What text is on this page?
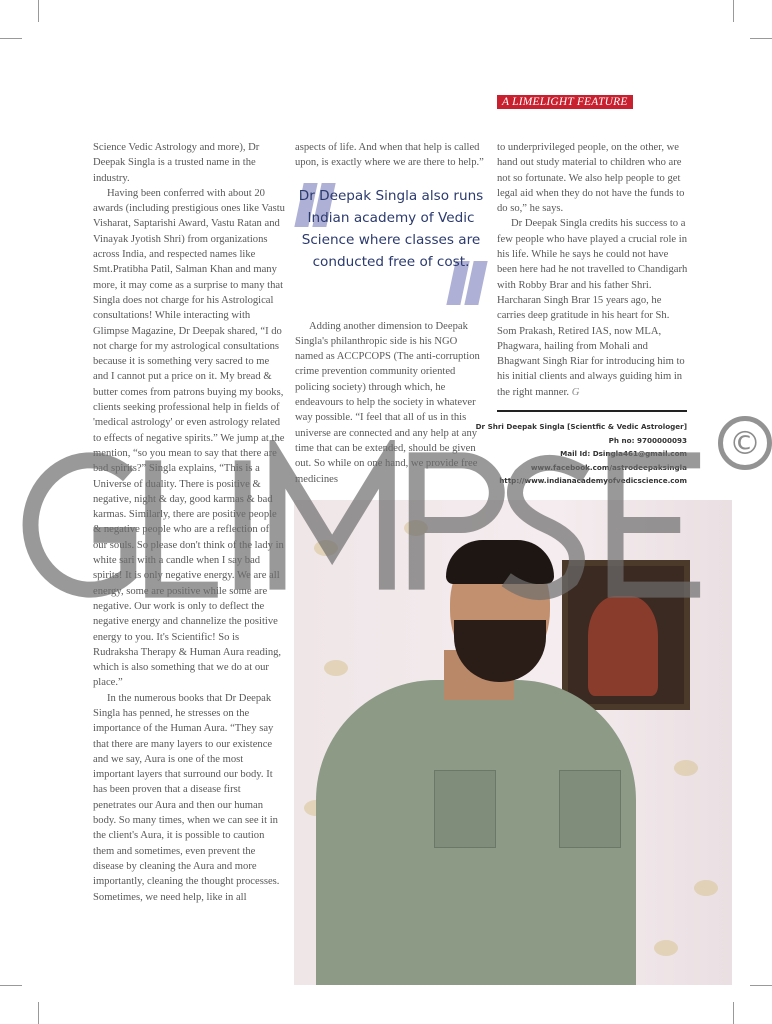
A LIMELIGHT FEATURE

Science Vedic Astrology and more), Dr Deepak Singla is a trusted name in the industry.

Having been conferred with about 20 awards (including prestigious ones like Vastu Visharat, Saptarishi Award, Vastu Ratan and Vinayak Jyotish Shri) from organizations across India, and respected names like Smt.Pratibha Patil, Salman Khan and many more, it may come as a surprise to many that Singla does not charge for his Astrological consultations! While interacting with Glimpse Magazine, Dr Deepak shared, “I do not charge for my astrological consultations because it is something very sacred to me and I cannot put a price on it. My bread & butter comes from patrons buying my books, clients seeking professional help in fields of 'medical astrology' or even astrology related to effects of negative spirits.” We jump at the mention, “so you mean to say that there are bad spirits?” Singla explains, “This is a Universe of duality. There is positive & negative, night & day, good karmas & bad karmas. Similarly, there are positive people & negative people who are a reflection of our souls. So please don't think of the lady in white sari with a candle when I say bad spirits! It is only negative energy. We are all energy, some are positive while some are negative. Our work is only to deflect the negative energy and channelize the positive energy to you. It's Scientific! So is Rudraksha Therapy & Human Aura reading, which is also something that we do at our place.”

In the numerous books that Dr Deepak Singla has penned, he stresses on the importance of the Human Aura. “They say that there are many layers to our existence and we say, Aura is one of the most important layers that surround our body. It has been proven that a disease first penetrates our Aura and then our human body. So many times, when we can see it in the client's Aura, it is possible to caution them and sometimes, even prevent the disease by cleaning the Aura and more importantly, cleaning the thought processes. Sometimes, we need help, like in all

aspects of life. And when that help is called upon, is exactly where we are there to help.”

Dr Deepak Singla also runs Indian academy of Vedic Science where classes are conducted free of cost.

Adding another dimension to Deepak Singla's philanthropic side is his NGO named as ACCPCOPS (The anti-corruption crime prevention community oriented policing society) through which, he endeavours to help the society in whatever way possible. “I feel that all of us in this universe are connected and any help at any time that can be extended, should be given out. So while on one hand, we provide free medicines

to underprivileged people, on the other, we hand out study material to children who are not so fortunate. We also help people to get legal aid when they do not have the funds to do so,” he says.

Dr Deepak Singla credits his success to a few people who have played a crucial role in his life. While he says he could not have been here had he not travelled to Chandigarh with Robby Brar and his father Shri. Harcharan Singh Brar 15 years ago, he carries deep gratitude in his heart for Sh. Som Prakash, Retired IAS, now MLA, Phagwara, hailing from Mohali and Bhagwant Singh Riar for introducing him to his initial clients and always guiding him in the right manner. G

Dr Shri Deepak Singla [Scientfic & Vedic Astrologer]
Ph no: 9700000093
Mail Id: Dsingla461@gmail.com
www.facebook.com/astrodeepaksingla
http://www.indianacademyofvedicscience.com
©
